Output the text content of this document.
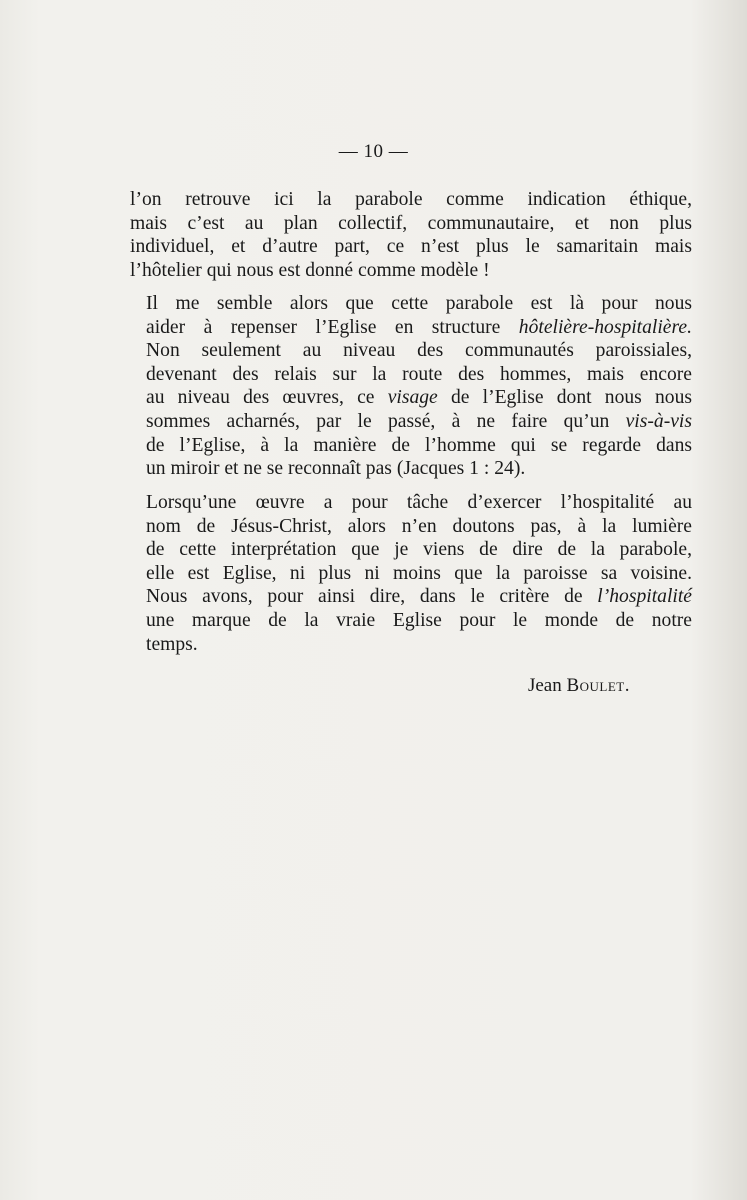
— 10 —
l’on retrouve ici la parabole comme indication éthique,
mais c’est au plan collectif, communautaire, et non plus
individuel, et d’autre part, ce n’est plus le samaritain mais
l’hôtelier qui nous est donné comme modèle !
Il me semble alors que cette parabole est là pour nous
aider à repenser l’Eglise en structure hôtelière-hospitalière.
Non seulement au niveau des communautés paroissiales,
devenant des relais sur la route des hommes, mais encore
au niveau des œuvres, ce visage de l’Eglise dont nous nous
sommes acharnés, par le passé, à ne faire qu’un vis-à-vis
de l’Eglise, à la manière de l’homme qui se regarde dans
un miroir et ne se reconnaît pas (Jacques 1 : 24).
Lorsqu’une œuvre a pour tâche d’exercer l’hospitalité au
nom de Jésus-Christ, alors n’en doutons pas, à la lumière
de cette interprétation que je viens de dire de la parabole,
elle est Eglise, ni plus ni moins que la paroisse sa voisine.
Nous avons, pour ainsi dire, dans le critère de l’hospitalité
une marque de la vraie Eglise pour le monde de notre
temps.
Jean Boulet.
